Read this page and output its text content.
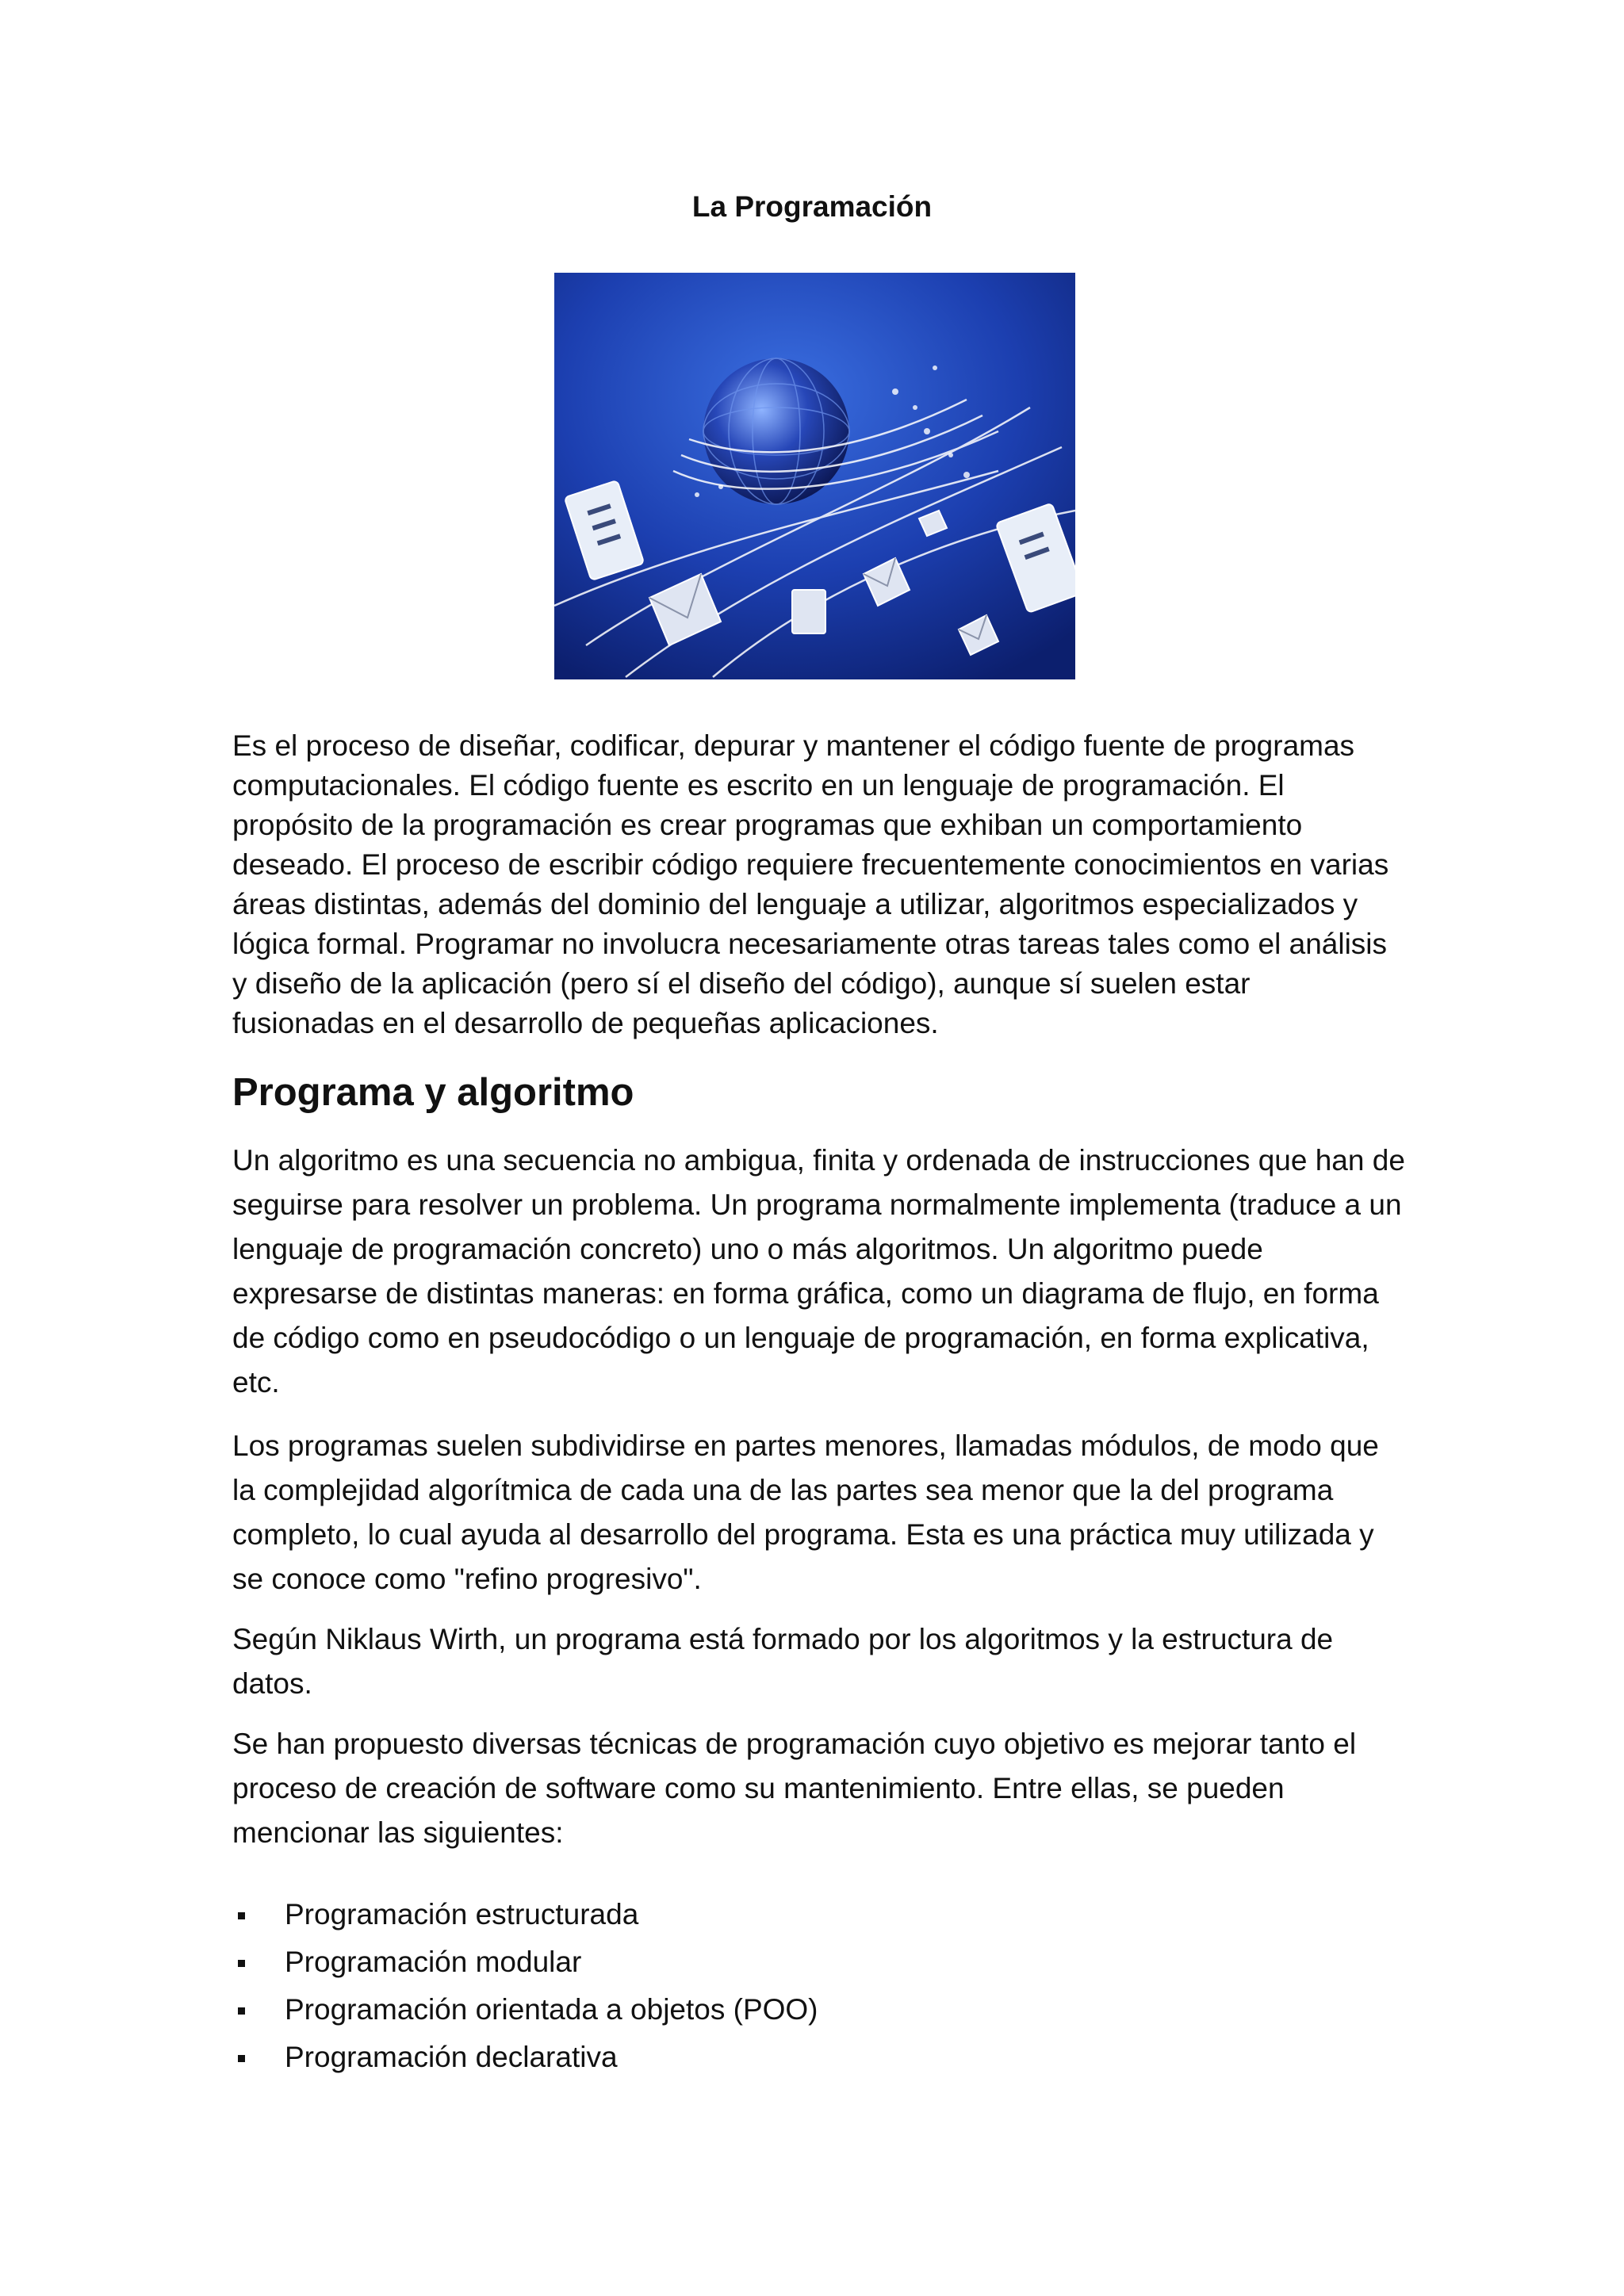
La Programación

Es el proceso de diseñar, codificar, depurar y mantener el código fuente de programas computacionales. El código fuente es escrito en un lenguaje de programación. El propósito de la programación es crear programas que exhiban un comportamiento deseado. El proceso de escribir código requiere frecuentemente conocimientos en varias áreas distintas, además del dominio del lenguaje a utilizar, algoritmos especializados y lógica formal. Programar no involucra necesariamente otras tareas tales como el análisis y diseño de la aplicación (pero sí el diseño del código), aunque sí suelen estar fusionadas en el desarrollo de pequeñas aplicaciones.

Programa y algoritmo

Un algoritmo es una secuencia no ambigua, finita y ordenada de instrucciones que han de seguirse para resolver un problema. Un programa normalmente implementa (traduce a un lenguaje de programación concreto) uno o más algoritmos. Un algoritmo puede expresarse de distintas maneras: en forma gráfica, como un diagrama de flujo, en forma de código como en pseudocódigo o un lenguaje de programación, en forma explicativa, etc.

Los programas suelen subdividirse en partes menores, llamadas módulos, de modo que la complejidad algorítmica de cada una de las partes sea menor que la del programa completo, lo cual ayuda al desarrollo del programa. Esta es una práctica muy utilizada y se conoce como "refino progresivo".

Según Niklaus Wirth, un programa está formado por los algoritmos y la estructura de datos.

Se han propuesto diversas técnicas de programación cuyo objetivo es mejorar tanto el proceso de creación de software como su mantenimiento. Entre ellas, se pueden mencionar las siguientes:

Programación estructurada
Programación modular
Programación orientada a objetos (POO)
Programación declarativa
